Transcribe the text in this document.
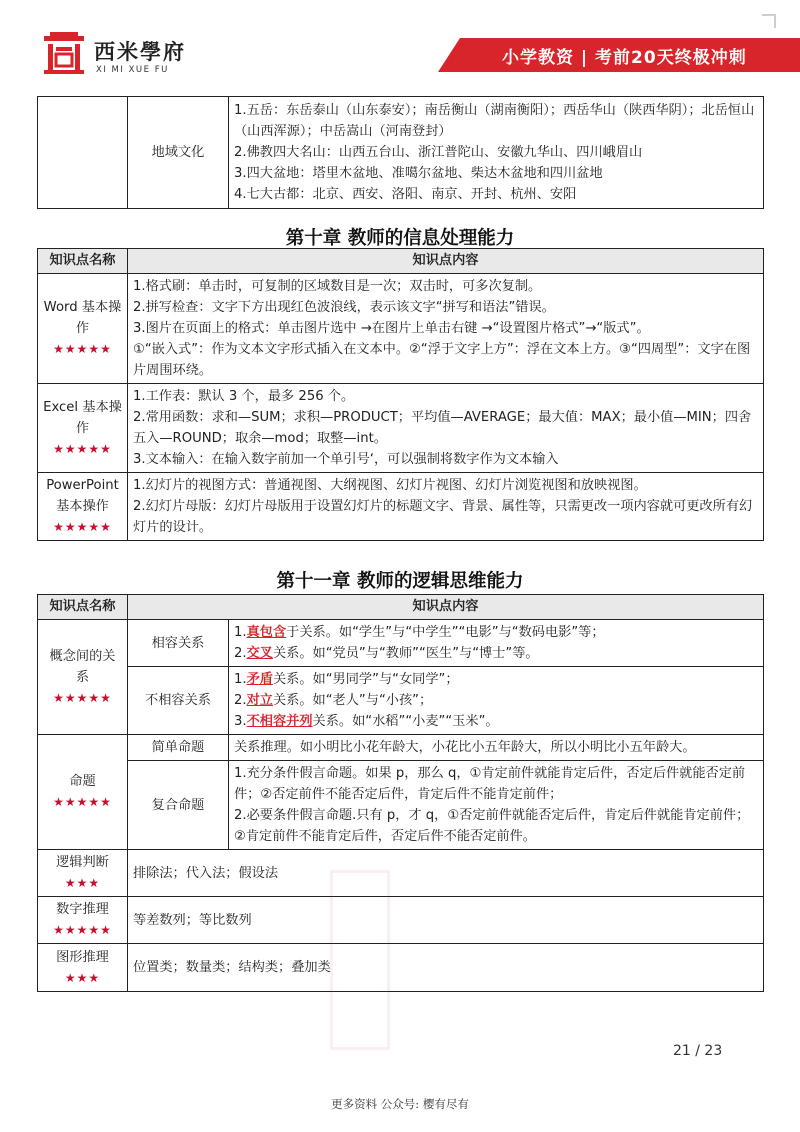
西米學府
XI MI XUE FU
小学教资 | 考前20天终极冲刺
	地域文化	
1.五岳：东岳泰山（山东泰安）；南岳衡山（湖南衡阳）；西岳华山（陕西华阴）；北岳恒山（山西浑源）；中岳嵩山（河南登封）
2.佛教四大名山：山西五台山、浙江普陀山、安徽九华山、四川峨眉山
3.四大盆地：塔里木盆地、准噶尔盆地、柴达木盆地和四川盆地
4.七大古都：北京、西安、洛阳、南京、开封、杭州、安阳
第十章 教师的信息处理能力
知识点名称	知识点内容

Word 基本操作
★★★★★	1.格式刷：单击时，可复制的区域数目是一次；双击时，可多次复制。
2.拼写检查：文字下方出现红色波浪线，表示该文字“拼写和语法”错误。
3.图片在页面上的格式：单击图片选中 →在图片上单击右键 →“设置图片格式”→“版式”。
①“嵌入式”：作为文本文字形式插入在文本中。②“浮于文字上方”：浮在文本上方。③“四周型”：文字在图片周围环绕。

Excel 基本操作
★★★★★	1.工作表：默认 3 个，最多 256 个。
2.常用函数：求和—SUM；求积—PRODUCT；平均值—AVERAGE；最大值：MAX；最小值—MIN；四舍五入—ROUND；取余—mod；取整—int。
3.文本输入：在输入数字前加一个单引号‘，可以强制将数字作为文本输入

PowerPoint 基本操作
★★★★★	1.幻灯片的视图方式：普通视图、大纲视图、幻灯片视图、幻灯片浏览视图和放映视图。
2.幻灯片母版：幻灯片母版用于设置幻灯片的标题文字、背景、属性等，只需更改一项内容就可更改所有幻灯片的设计。
第十一章 教师的逻辑思维能力
知识点名称	知识点内容	

概念间的关系
★★★★★	相容关系	1.真包含于关系。如“学生”与“中学生”“电影”与“数码电影”等；
2.交叉关系。如“党员”与“教师”“医生”与“博士”等。

	不相容关系	1.矛盾关系。如“男同学”与“女同学”；
2.对立关系。如“老人”与“小孩”；
3.不相容并列关系。如“水稻”“小麦”“玉米”。

命题
★★★★★	简单命题	关系推理。如小明比小花年龄大，小花比小五年龄大，所以小明比小五年龄大。
	复合命题	1.充分条件假言命题。如果 p，那么 q，①肯定前件就能肯定后件，否定后件就能否定前件；②否定前件不能否定后件，肯定后件不能肯定前件；
2.必要条件假言命题.只有 p，才 q，①否定前件就能否定后件，肯定后件就能肯定前件；②肯定前件不能肯定后件，否定后件不能否定前件。

逻辑判断
★★★	排除法；代入法；假设法	

数字推理
★★★★★	等差数列；等比数列	

图形推理
★★★	位置类；数量类；结构类；叠加类	
21 / 23
更多资料 公众号: 樱有尽有
